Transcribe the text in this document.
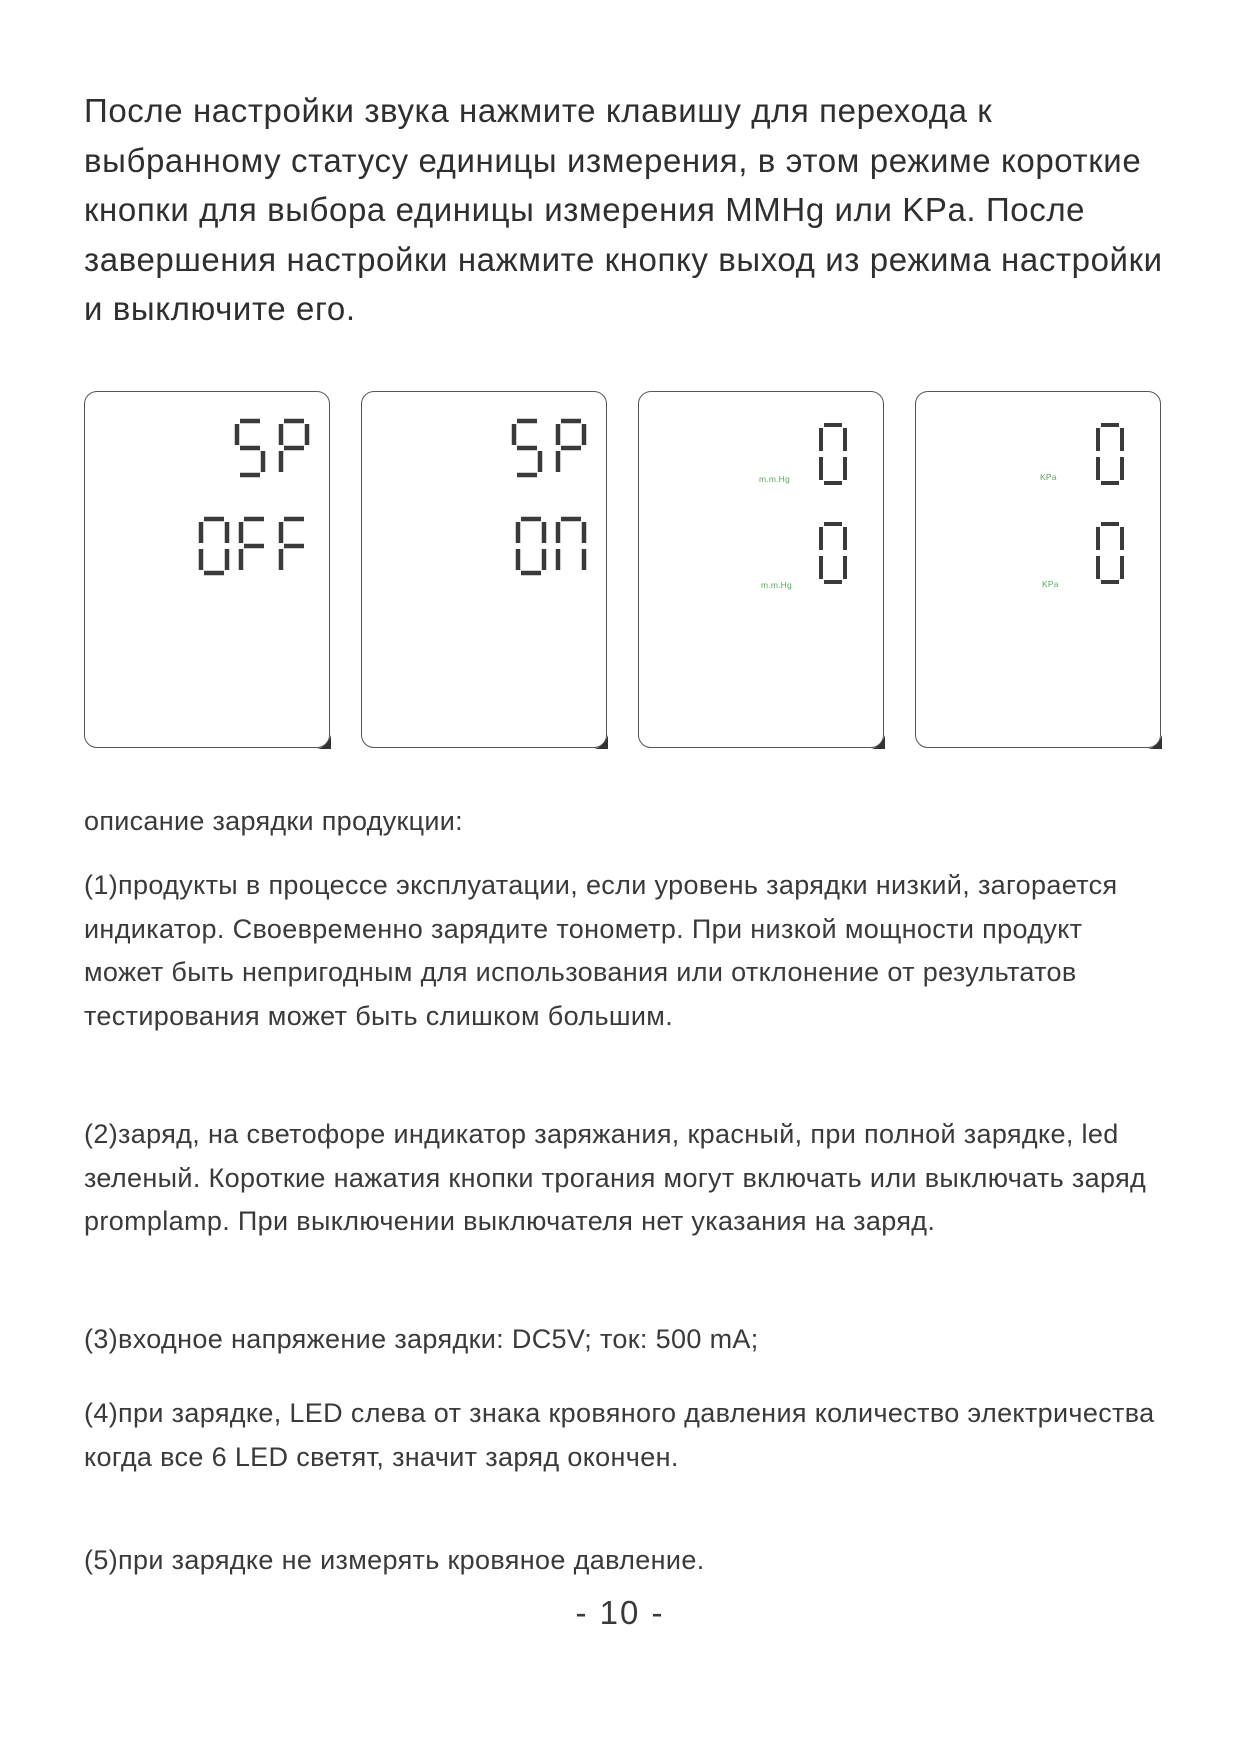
После настройки звука нажмите клавишу для перехода к выбранному статусу единицы измерения, в этом режиме короткие кнопки для выбора единицы измерения MMHg или KPa. После завершения настройки нажмите кнопку выход из режима настройки и выключите его.

m.m.Hg
m.m.Hg
KPa
KPa

описание зарядки продукции:

(1)продукты в процессе эксплуатации, если уровень зарядки низкий, загорается индикатор. Своевременно зарядите тонометр. При низкой мощности продукт может быть непригодным для использования или отклонение от результатов тестирования может быть слишком большим.

(2)заряд, на светофоре индикатор заряжания, красный, при полной зарядке, led зеленый. Короткие нажатия кнопки трогания могут включать или выключать заряд promplamp. При выключении выключателя нет указания на заряд.

(3)входное напряжение зарядки: DC5V; ток: 500 mA;

(4)при зарядке, LED слева от знака кровяного давления количество электричества когда все 6 LED светят, значит заряд окончен.

(5)при зарядке не измерять кровяное давление.

- 10 -
